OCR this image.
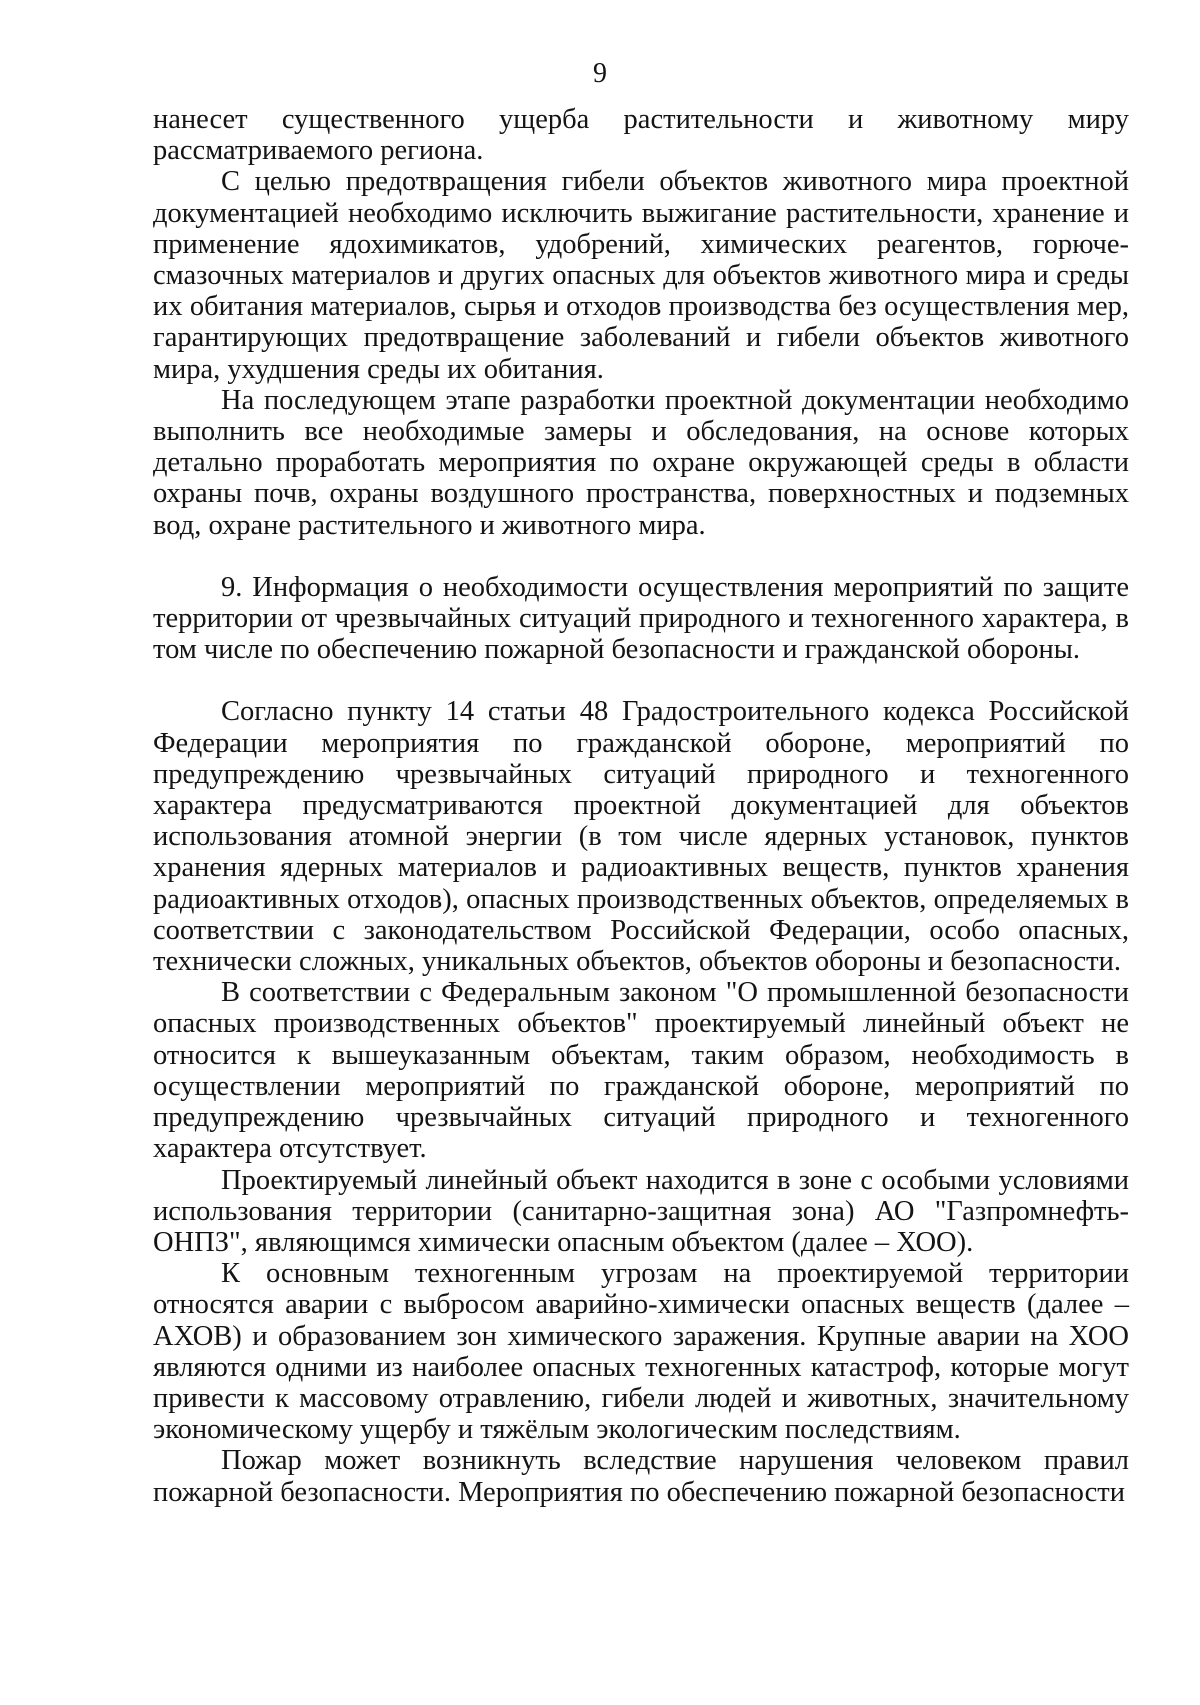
9

нанесет существенного ущерба растительности и животному миру рассматриваемого региона.

С целью предотвращения гибели объектов животного мира проектной документацией необходимо исключить выжигание растительности, хранение и применение ядохимикатов, удобрений, химических реагентов, горюче-смазочных материалов и других опасных для объектов животного мира и среды их обитания материалов, сырья и отходов производства без осуществления мер, гарантирующих предотвращение заболеваний и гибели объектов животного мира, ухудшения среды их обитания.

На последующем этапе разработки проектной документации необходимо выполнить все необходимые замеры и обследования, на основе которых детально проработать мероприятия по охране окружающей среды в области охраны почв, охраны воздушного пространства, поверхностных и подземных вод, охране растительного и животного мира.

9. Информация о необходимости осуществления мероприятий по защите территории от чрезвычайных ситуаций природного и техногенного характера, в том числе по обеспечению пожарной безопасности и гражданской обороны.

Согласно пункту 14 статьи 48 Градостроительного кодекса Российской Федерации мероприятия по гражданской обороне, мероприятий по предупреждению чрезвычайных ситуаций природного и техногенного характера предусматриваются проектной документацией для объектов использования атомной энергии (в том числе ядерных установок, пунктов хранения ядерных материалов и радиоактивных веществ, пунктов хранения радиоактивных отходов), опасных производственных объектов, определяемых в соответствии с законодательством Российской Федерации, особо опасных, технически сложных, уникальных объектов, объектов обороны и безопасности.

В соответствии с Федеральным законом "О промышленной безопасности опасных производственных объектов" проектируемый линейный объект не относится к вышеуказанным объектам, таким образом, необходимость в осуществлении мероприятий по гражданской обороне, мероприятий по предупреждению чрезвычайных ситуаций природного и техногенного характера отсутствует.

Проектируемый линейный объект находится в зоне с особыми условиями использования территории (санитарно-защитная зона) АО "Газпромнефть-ОНПЗ", являющимся химически опасным объектом (далее – ХОО).

К основным техногенным угрозам на проектируемой территории относятся аварии с выбросом аварийно-химически опасных веществ (далее – АХОВ) и образованием зон химического заражения. Крупные аварии на ХОО являются одними из наиболее опасных техногенных катастроф, которые могут привести к массовому отравлению, гибели людей и животных, значительному экономическому ущербу и тяжёлым экологическим последствиям.

Пожар может возникнуть вследствие нарушения человеком правил пожарной безопасности. Мероприятия по обеспечению пожарной безопасности
